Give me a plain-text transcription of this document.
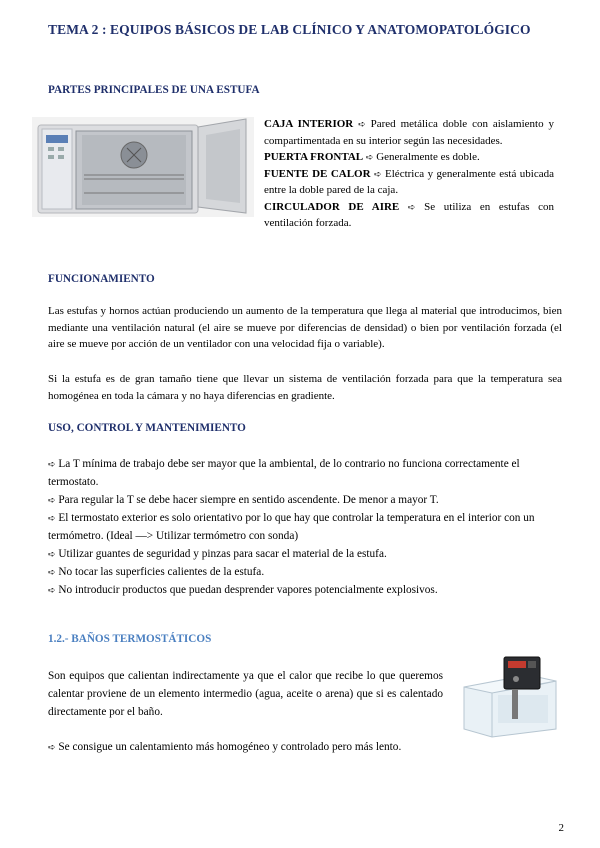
TEMA 2 : EQUIPOS BÁSICOS DE LAB CLÍNICO Y ANATOMOPATOLÓGICO
PARTES PRINCIPALES DE UNA ESTUFA
CAJA INTERIOR ➪ Pared metálica doble con aislamiento y compartimentada en su interior según las necesidades.
PUERTA FRONTAL ➪ Generalmente es doble.
FUENTE DE CALOR ➪ Eléctrica y generalmente está ubicada entre la doble pared de la caja.
CIRCULADOR DE AIRE ➪ Se utiliza en estufas con ventilación forzada.
FUNCIONAMIENTO
Las estufas y hornos actúan produciendo un aumento de la temperatura que llega al material que introducimos, bien mediante una ventilación natural (el aire se mueve por diferencias de densidad) o bien por ventilación forzada (el aire se mueve por acción de un ventilador con una velocidad fija o variable).
Si la estufa es de gran tamaño tiene que llevar un sistema de ventilación forzada para que la temperatura sea homogénea en toda la cámara y no haya diferencias en gradiente.
USO, CONTROL Y MANTENIMIENTO
➪ La T mínima de trabajo debe ser mayor que la ambiental, de lo contrario no funciona correctamente el termostato.
➪ Para regular la T se debe hacer siempre en sentido ascendente. De menor a mayor T.
➪ El termostato exterior es solo orientativo por lo que hay que controlar la temperatura en el interior con un termómetro. (Ideal —> Utilizar termómetro con sonda)
➪ Utilizar guantes de seguridad y pinzas para sacar el material de la estufa.
➪ No tocar las superficies calientes de la estufa.
➪ No introducir productos que puedan desprender vapores potencialmente explosivos.
1.2.- BAÑOS TERMOSTÁTICOS
Son equipos que calientan indirectamente ya que el calor que recibe lo que queremos calentar proviene de un elemento intermedio (agua, aceite o arena) que si es calentado directamente por el baño.
➪ Se consigue un calentamiento más homogéneo y controlado pero más lento.
2
